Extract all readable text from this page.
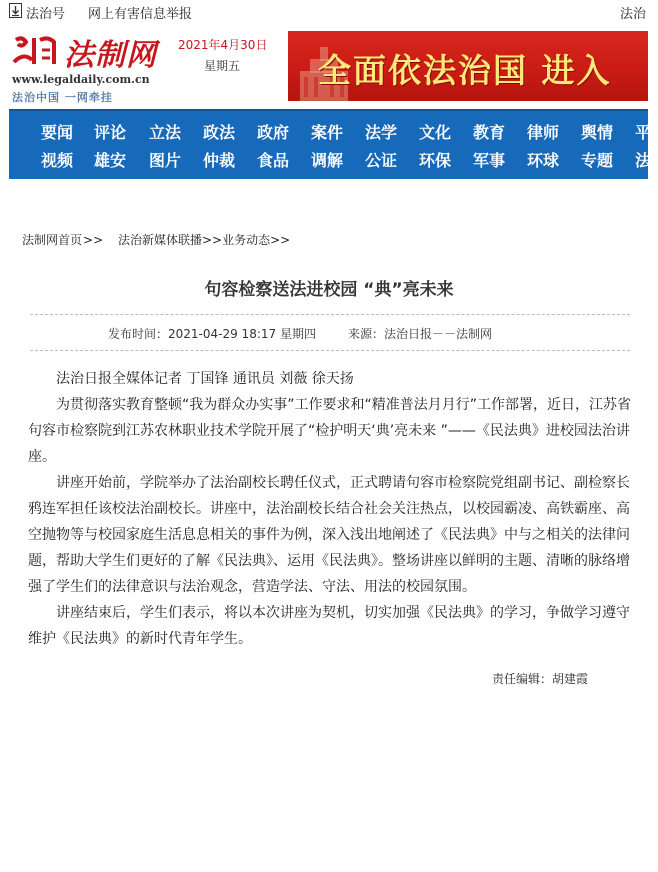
法治号 网上有害信息举报	法治
法制网
www.legaldaily.com.cn
法治中国 一网牵挂
2021年4月30日
星期五 全面依法治国 进入
要闻 评论 立法 政法 政府 案件 法学 文化 教育 律师 舆情 平
视频 雄安 图片 仲裁 食品 调解 公证 环保 军事 环球 专题 法
法制网首页>> 法治新媒体联播>>业务动态>>
句容检察送法进校园 “典”亮未来
发布时间：2021-04-29 18:17 星期四	来源：法治日报－－法制网

法治日报全媒体记者 丁国锋 通讯员 刘薇 徐天扬

为贯彻落实教育整顿“我为群众办实事”工作要求和“精准普法月月行”工作部署，近日，江苏省句容市检察院到江苏农林职业技术学院开展了“检护明天‘典’亮未来 ”——《民法典》进校园法治讲座。

讲座开始前，学院举办了法治副校长聘任仪式，正式聘请句容市检察院党组副书记、副检察长鸦连军担任该校法治副校长。讲座中，法治副校长结合社会关注热点，以校园霸凌、高铁霸座、高空抛物等与校园家庭生活息息相关的事件为例，深入浅出地阐述了《民法典》中与之相关的法律问题，帮助大学生们更好的了解《民法典》、运用《民法典》。整场讲座以鲜明的主题、清晰的脉络增强了学生们的法律意识与法治观念，营造学法、守法、用法的校园氛围。

讲座结束后，学生们表示，将以本次讲座为契机，切实加强《民法典》的学习，争做学习遵守维护《民法典》的新时代青年学生。

责任编辑：胡建霞
